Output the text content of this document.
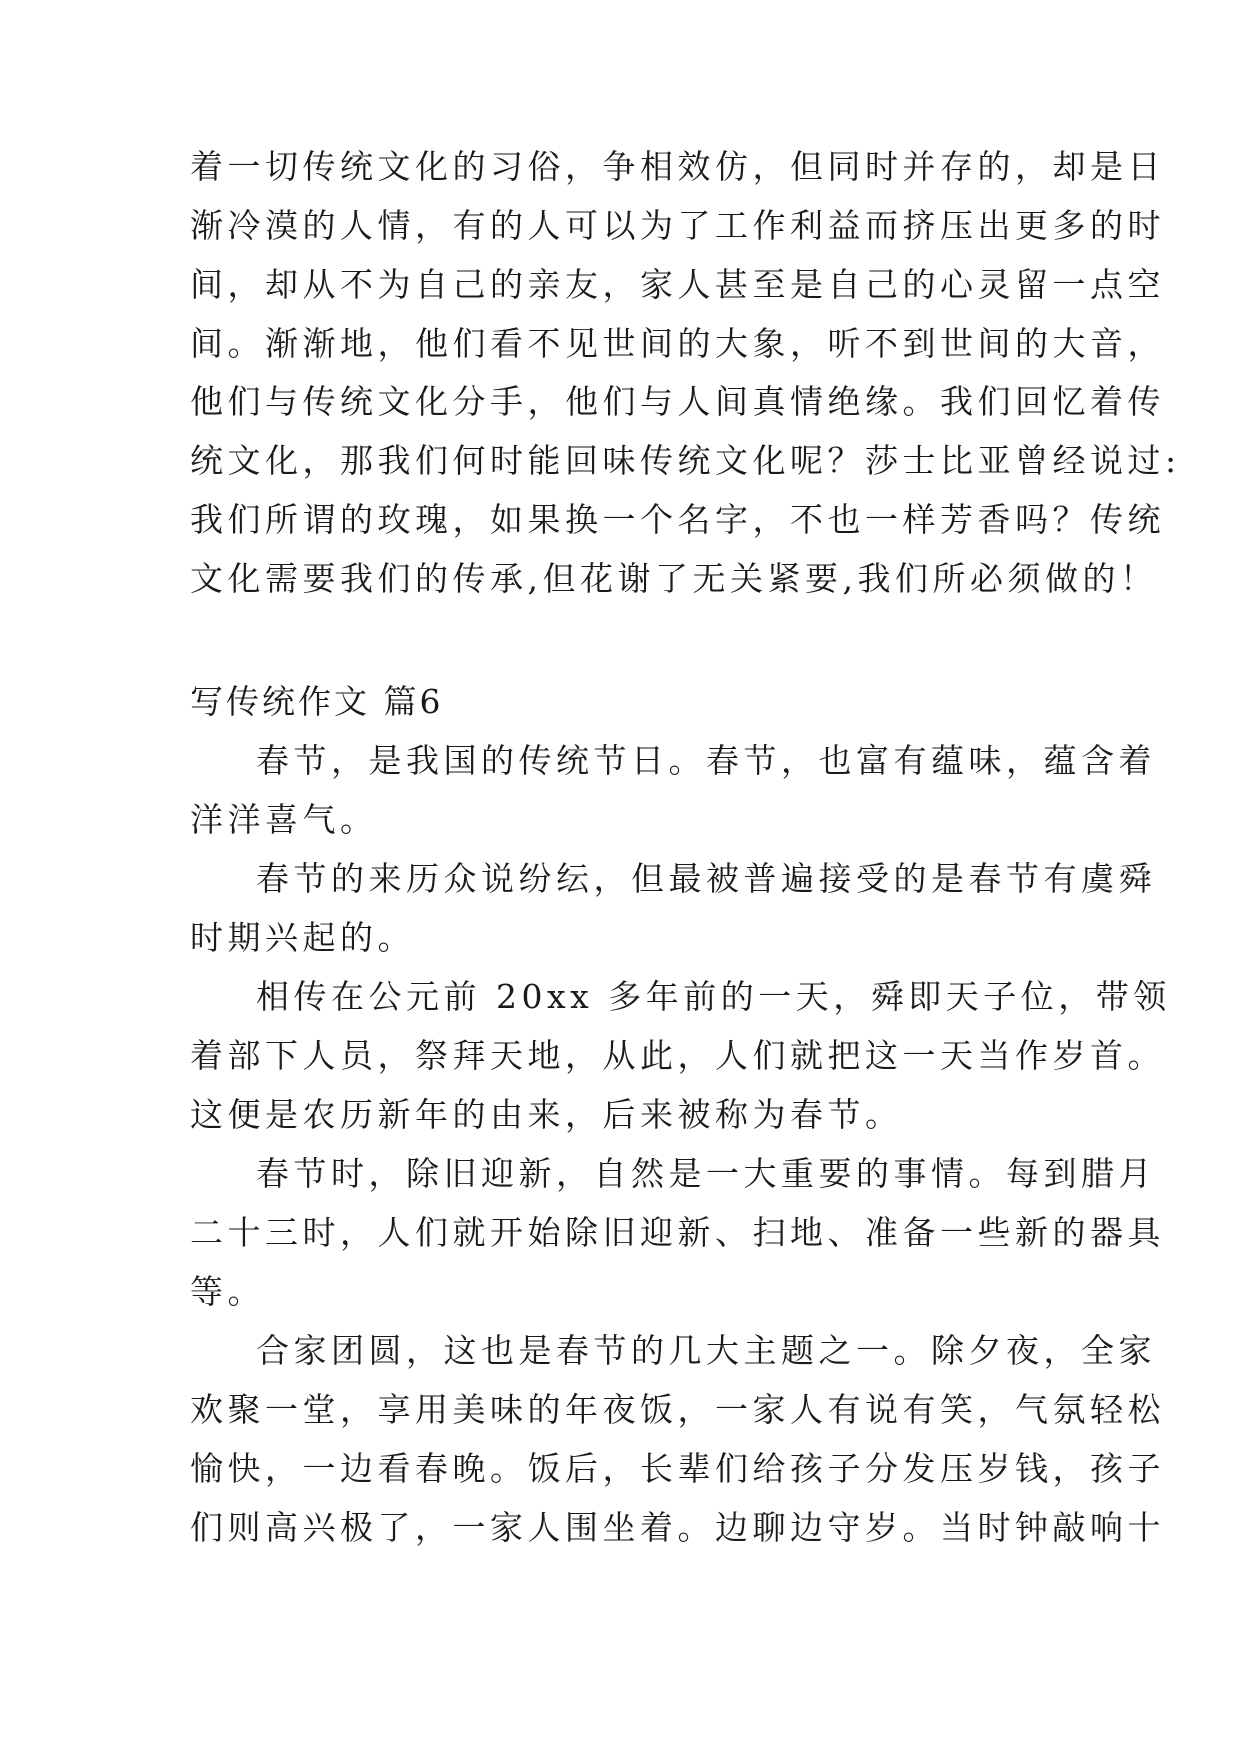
着一切传统文化的习俗，争相效仿，但同时并存的，却是日

渐冷漠的人情，有的人可以为了工作利益而挤压出更多的时

间，却从不为自己的亲友，家人甚至是自己的心灵留一点空

间。渐渐地，他们看不见世间的大象，听不到世间的大音，

他们与传统文化分手，他们与人间真情绝缘。我们回忆着传

统文化，那我们何时能回味传统文化呢？莎士比亚曾经说过:

我们所谓的玫瑰，如果换一个名字，不也一样芳香吗？传统

文化需要我们的传承,但花谢了无关紧要,我们所必须做的！

写传统作文 篇6

春节，是我国的传统节日。春节，也富有蕴味，蕴含着

洋洋喜气。

春节的来历众说纷纭，但最被普遍接受的是春节有虞舜

时期兴起的。

相传在公元前 20xx 多年前的一天，舜即天子位，带领

着部下人员，祭拜天地，从此，人们就把这一天当作岁首。

这便是农历新年的由来，后来被称为春节。

春节时，除旧迎新，自然是一大重要的事情。每到腊月

二十三时，人们就开始除旧迎新、扫地、准备一些新的器具

等。

合家团圆，这也是春节的几大主题之一。除夕夜，全家

欢聚一堂，享用美味的年夜饭，一家人有说有笑，气氛轻松

愉快，一边看春晚。饭后，长辈们给孩子分发压岁钱，孩子

们则高兴极了，一家人围坐着。边聊边守岁。当时钟敲响十
